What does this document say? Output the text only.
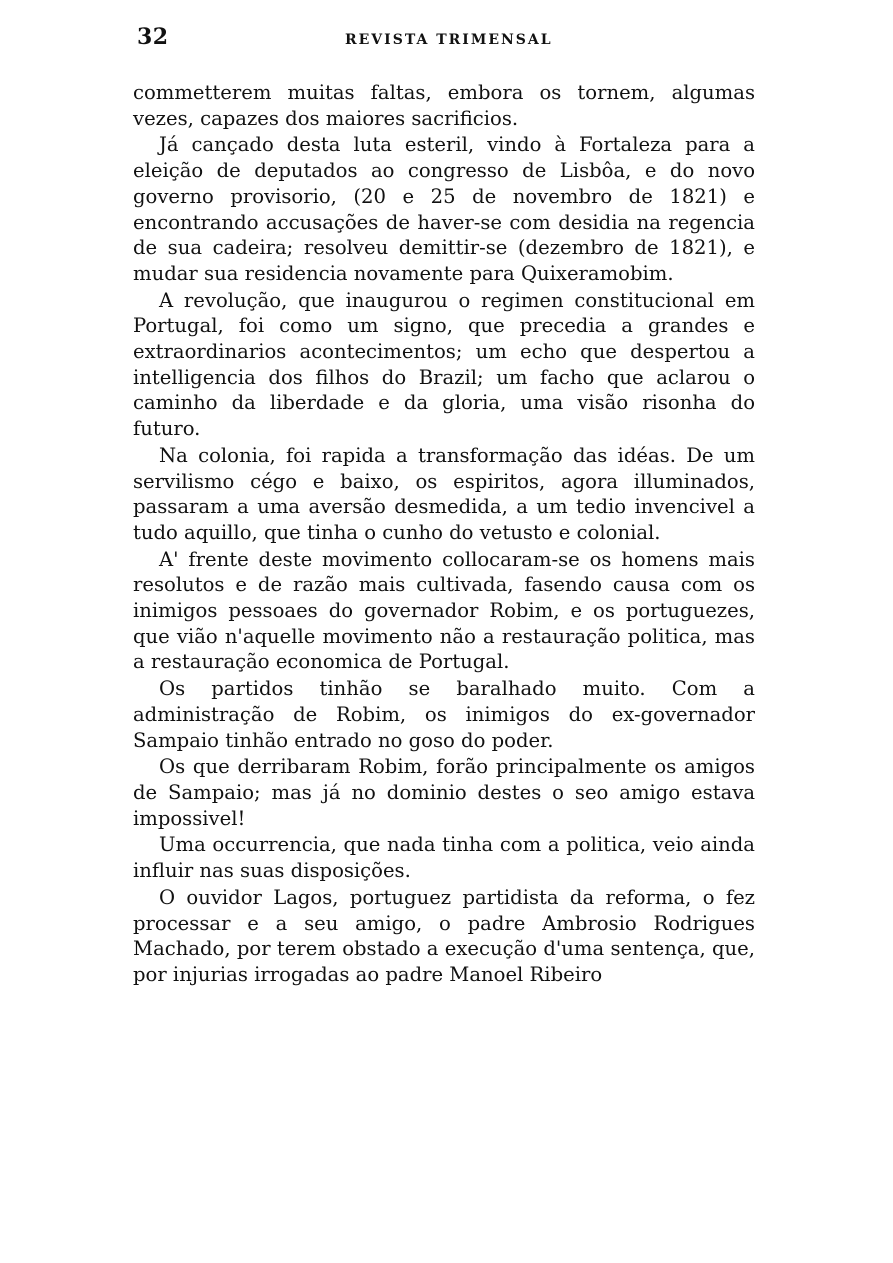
32	REVISTA TRIMENSAL

commetterem muitas faltas, embora os tornem, algumas vezes, capazes dos maiores sacrificios.

Já cançado desta luta esteril, vindo à Fortaleza para a eleição de deputados ao congresso de Lisbôa, e do novo governo provisorio, (20 e 25 de novembro de 1821) e encontrando accusações de haver-se com desidia na regencia de sua cadeira; resolveu demittir-se (dezembro de 1821), e mudar sua residencia novamente para Quixeramobim.

A revolução, que inaugurou o regimen constitucional em Portugal, foi como um signo, que precedia a grandes e extraordinarios acontecimentos; um echo que despertou a intelligencia dos filhos do Brazil; um facho que aclarou o caminho da liberdade e da gloria, uma visão risonha do futuro.

Na colonia, foi rapida a transformação das idéas. De um servilismo cégo e baixo, os espiritos, agora illuminados, passaram a uma aversão desmedida, a um tedio invencivel a tudo aquillo, que tinha o cunho do vetusto e colonial.

A' frente deste movimento collocaram-se os homens mais resolutos e de razão mais cultivada, fasendo causa com os inimigos pessoaes do governador Robim, e os portuguezes, que vião n'aquelle movimento não a restauração politica, mas a restauração economica de Portugal.

Os partidos tinhão se baralhado muito. Com a administração de Robim, os inimigos do ex-governador Sampaio tinhão entrado no goso do poder.

Os que derribaram Robim, forão principalmente os amigos de Sampaio; mas já no dominio destes o seo amigo estava impossivel!

Uma occurrencia, que nada tinha com a politica, veio ainda influir nas suas disposições.

O ouvidor Lagos, portuguez partidista da reforma, o fez processar e a seu amigo, o padre Ambrosio Rodrigues Machado, por terem obstado a execução d'uma sentença, que, por injurias irrogadas ao padre Manoel Ribeiro
